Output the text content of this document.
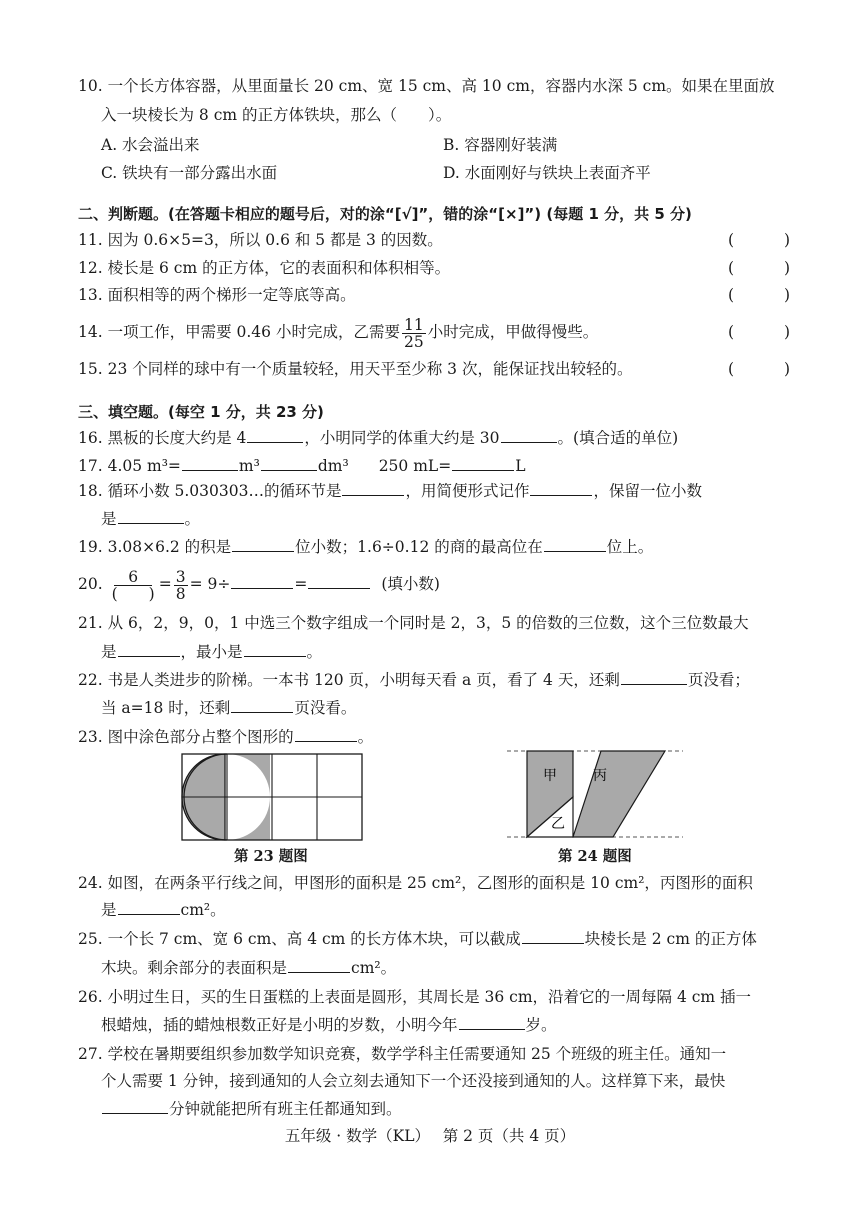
10. 一个长方体容器，从里面量长 20 cm、宽 15 cm、高 10 cm，容器内水深 5 cm。如果在里面放
入一块棱长为 8 cm 的正方体铁块，那么（　　）。
A. 水会溢出来	B. 容器刚好装满
C. 铁块有一部分露出水面	D. 水面刚好与铁块上表面齐平
二、判断题。(在答题卡相应的题号后，对的涂“[√]”，错的涂“[×]”) (每题 1 分，共 5 分)
11. 因为 0.6×5=3，所以 0.6 和 5 都是 3 的因数。	(	)
12. 棱长是 6 cm 的正方体，它的表面积和体积相等。	(	)
13. 面积相等的两个梯形一定等底等高。	(	)
14. 一项工作，甲需要 0.46 小时完成，乙需要 $\frac{11}{25}$ 小时完成，甲做得慢些。	(	)
15. 23 个同样的球中有一个质量较轻，用天平至少称 3 次，能保证找出较轻的。	(	)
三、填空题。(每空 1 分，共 23 分)
16. 黑板的长度大约是 4	，小明同学的体重大约是 30	。(填合适的单位)
17. 4.05 m³=	m³	dm³ 250 mL=	L
18. 循环小数 5.030303…的循环节是	，用简便形式记作	，保留一位小数
是	。
19. 3.08×6.2 的积是	位小数；1.6÷0.12 的商的最高位在	位上。
20. $\frac{6}{( )} = \frac{3}{8} = 9\div$	=	(填小数)
21. 从 6，2，9，0，1 中选三个数字组成一个同时是 2，3，5 的倍数的三位数，这个三位数最大
是	，最小是	。
22. 书是人类进步的阶梯。一本书 120 页，小明每天看 a 页，看了 4 天，还剩	页没看；
当 a=18 时，还剩	页没看。
23. 图中涂色部分占整个图形的	。
第 23 题图
甲	丙
乙
第 24 题图
24. 如图，在两条平行线之间，甲图形的面积是 25 cm²，乙图形的面积是 10 cm²，丙图形的面积
是	cm²。
25. 一个长 7 cm、宽 6 cm、高 4 cm 的长方体木块，可以截成	块棱长是 2 cm 的正方体
木块。剩余部分的表面积是	cm²。
26. 小明过生日，买的生日蛋糕的上表面是圆形，其周长是 36 cm，沿着它的一周每隔 4 cm 插一
根蜡烛，插的蜡烛根数正好是小明的岁数，小明今年	岁。
27. 学校在暑期要组织参加数学知识竞赛，数学学科主任需要通知 25 个班级的班主任。通知一
个人需要 1 分钟，接到通知的人会立刻去通知下一个还没接到通知的人。这样算下来，最快
分钟就能把所有班主任都通知到。
五年级 · 数学（KL）　 第 2 页（共 4 页）
